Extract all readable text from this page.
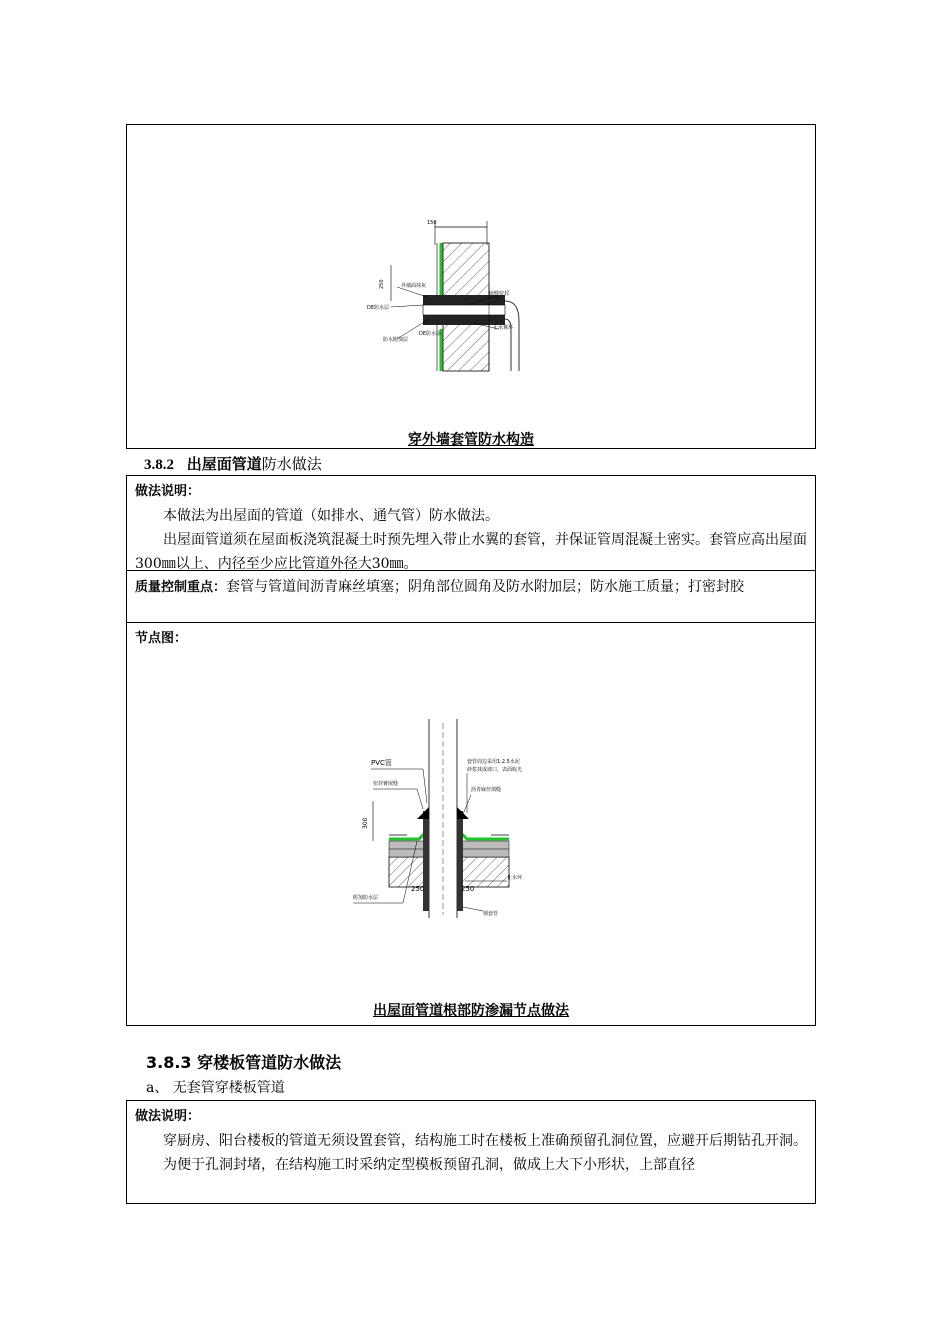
150
250	外墙面抹灰
DE防水层
DE防水涂
防水附加层
嵌缝密封
止水翼环
穿外墙套管防水构造
3.8.2 出屋面管道防水做法
做法说明：
本做法为出屋面的管道（如排水、通气管）防水做法。
出屋面管道须在屋面板浇筑混凝土时预先埋入带止水翼的套管，并保证管周混凝土密实。套管应高出屋面300㎜以上、内径至少应比管道外径大30㎜。
质量控制重点：套管与管道间沥青麻丝填塞；阴角部位圆角及防水附加层；防水施工质量；打密封胶
节点图：
300
PVC管
密封膏嵌缝
附加防水层
250
套管周边采用1:2.5水泥
砂浆抹成坡口，表面收光
沥青麻丝填缝
250
止水环
钢套管
出屋面管道根部防渗漏节点做法
3.8.3 穿楼板管道防水做法
a、 无套管穿楼板管道
做法说明：
穿厨房、阳台楼板的管道无须设置套管，结构施工时在楼板上准确预留孔洞位置，应避开后期钻孔开洞。
为便于孔洞封堵，在结构施工时采纳定型模板预留孔洞，做成上大下小形状，上部直径
